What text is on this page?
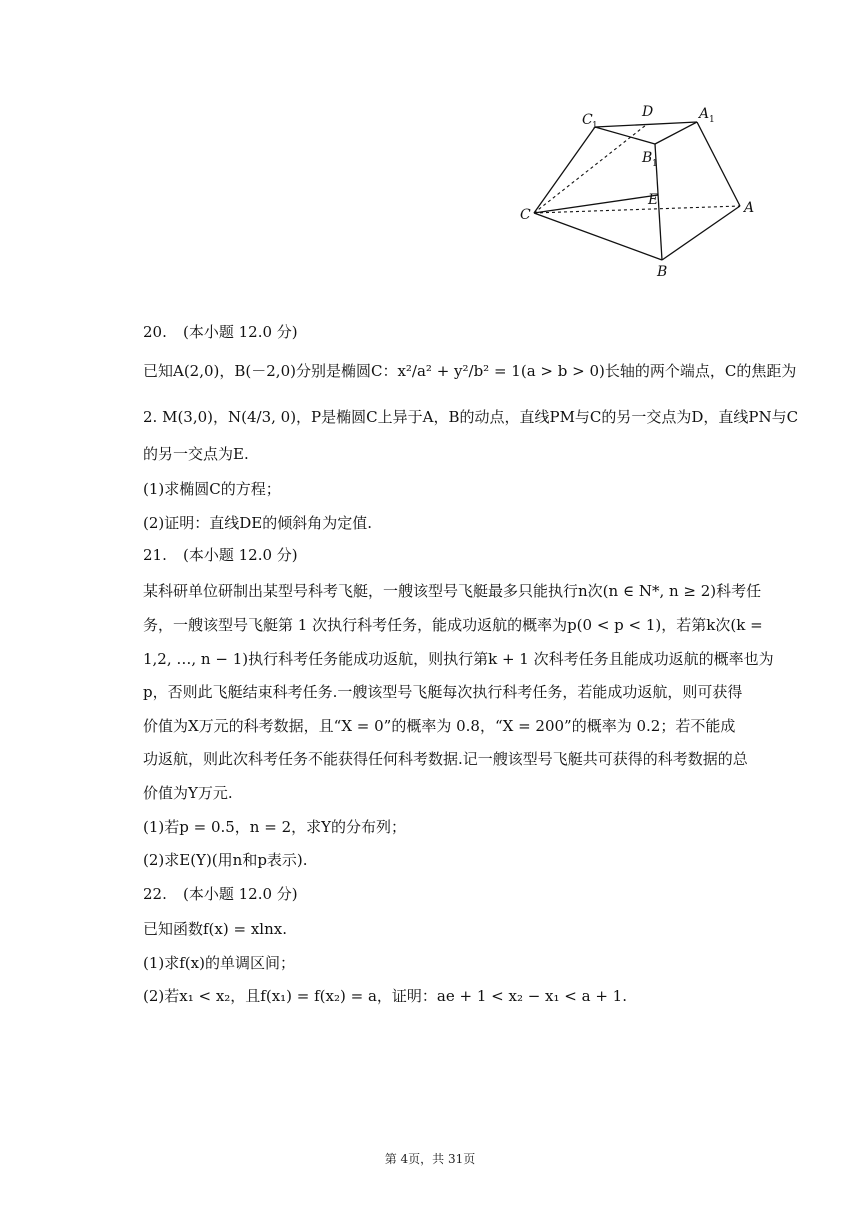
C 1
D	A 1
B 1
E
C	A
B
20. (本小题 12.0 分)
已知A(2,0)，B(－2,0)分别是椭圆C：x²/a² + y²/b² = 1(a > b > 0)长轴的两个端点，C的焦距为
2. M(3,0)，N(4/3, 0)，P是椭圆C上异于A，B的动点，直线PM与C的另一交点为D，直线PN与C
的另一交点为E.
(1)求椭圆C的方程；
(2)证明：直线DE的倾斜角为定值.
21. (本小题 12.0 分)
某科研单位研制出某型号科考飞艇，一艘该型号飞艇最多只能执行n次(n ∈ N*, n ≥ 2)科考任
务，一艘该型号飞艇第 1 次执行科考任务，能成功返航的概率为p(0 < p < 1)，若第k次(k =
1,2, …, n − 1)执行科考任务能成功返航，则执行第k + 1 次科考任务且能成功返航的概率也为
p，否则此飞艇结束科考任务.一艘该型号飞艇每次执行科考任务，若能成功返航，则可获得
价值为X万元的科考数据，且“X = 0”的概率为 0.8，“X = 200”的概率为 0.2；若不能成
功返航，则此次科考任务不能获得任何科考数据.记一艘该型号飞艇共可获得的科考数据的总
价值为Y万元.
(1)若p = 0.5，n = 2，求Y的分布列；
(2)求E(Y)(用n和p表示).
22. (本小题 12.0 分)
已知函数f(x) = xlnx.
(1)求f(x)的单调区间；
(2)若x₁ < x₂，且f(x₁) = f(x₂) = a，证明：ae + 1 < x₂ − x₁ < a + 1.
第 4页，共 31页
